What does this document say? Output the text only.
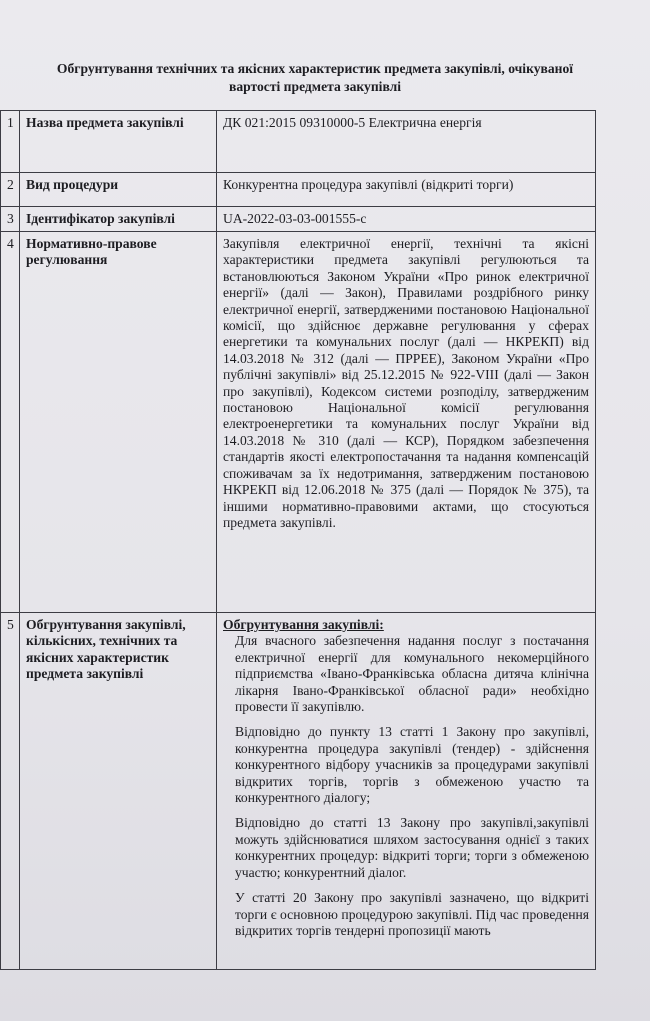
Обгрунтування технічних та якісних характеристик предмета закупівлі, очікуваної
вартості предмета закупівлі
1	Назва предмета закупівлі	ДК 021:2015 09310000-5 Електрична енергія
2	Вид процедури	Конкурентна процедура закупівлі (відкриті торги)
3	Ідентифікатор закупівлі	UA-2022-03-03-001555-c
4	Нормативно-правове регулювання	Закупівля електричної енергії, технічні та якісні характеристики предмета закупівлі регулюються та встановлюються Законом України «Про ринок електричної енергії» (далі — Закон), Правилами роздрібного ринку електричної енергії, затвердженими постановою Національної комісії, що здійснює державне регулювання у сферах енергетики та комунальних послуг (далі — НКРЕКП) від 14.03.2018 № 312 (далі — ПРРЕЕ), Законом України «Про публічні закупівлі» від 25.12.2015 № 922-VIII (далі — Закон про закупівлі), Кодексом системи розподілу, затвердженим постановою Національної комісії регулювання електроенергетики та комунальних послуг України від 14.03.2018 № 310 (далі — КСР), Порядком забезпечення стандартів якості електропостачання та надання компенсацій споживачам за їх недотримання, затвердженим постановою НКРЕКП від 12.06.2018 № 375 (далі — Порядок № 375), та іншими нормативно-правовими актами, що стосуються предмета закупівлі.
5	Обгрунтування закупівлі, кількісних, технічних та якісних характеристик предмета закупівлі	Обгрунтування закупівлі:

Для вчасного забезпечення надання послуг з постачання електричної енергії для комунального некомерційного підприємства «Івано-Франківська обласна дитяча клінічна лікарня Івано-Франківської обласної ради» необхідно провести її закупівлю.

Відповідно до пункту 13 статті 1 Закону про закупівлі, конкурентна процедура закупівлі (тендер) - здійснення конкурентного відбору учасників за процедурами закупівлі відкритих торгів, торгів з обмеженою участю та конкурентного діалогу;

Відповідно до статті 13 Закону про закупівлі,закупівлі можуть здійснюватися шляхом застосування однієї з таких конкурентних процедур: відкриті торги; торги з обмеженою участю; конкурентний діалог.

У статті 20 Закону про закупівлі зазначено, що відкриті торги є основною процедурою закупівлі. Під час проведення відкритих торгів тендерні пропозиції мають
